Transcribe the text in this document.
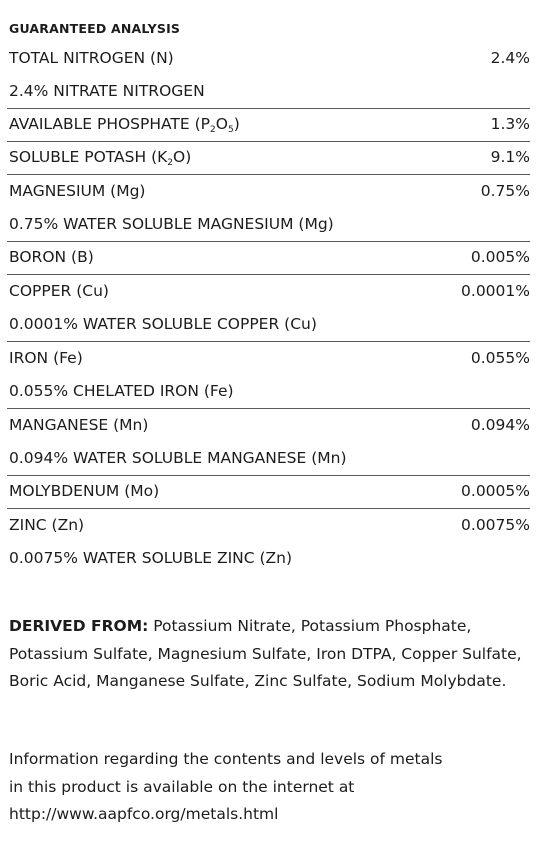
GUARANTEED ANALYSIS
TOTAL NITROGEN (N)	2.4%
2.4% NITRATE NITROGEN
AVAILABLE PHOSPHATE $(P_2O_5)$	1.3%
SOLUBLE POTASH $(K_2O)$	9.1%
MAGNESIUM (Mg)	0.75%
0.75% WATER SOLUBLE MAGNESIUM (Mg)
BORON (B)	0.005%
COPPER (Cu)	0.0001%
0.0001% WATER SOLUBLE COPPER (Cu)
IRON (Fe)	0.055%
0.055% CHELATED IRON (Fe)
MANGANESE (Mn)	0.094%
0.094% WATER SOLUBLE MANGANESE (Mn)
MOLYBDENUM (Mo)	0.0005%
ZINC (Zn)	0.0075%
0.0075% WATER SOLUBLE ZINC (Zn)
DERIVED FROM: Potassium Nitrate, Potassium Phosphate, Potassium Sulfate, Magnesium Sulfate, Iron DTPA, Copper Sulfate, Boric Acid, Manganese Sulfate, Zinc Sulfate, Sodium Molybdate.
Information regarding the contents and levels of metals
in this product is available on the internet at
http://www.aapfco.org/metals.html
